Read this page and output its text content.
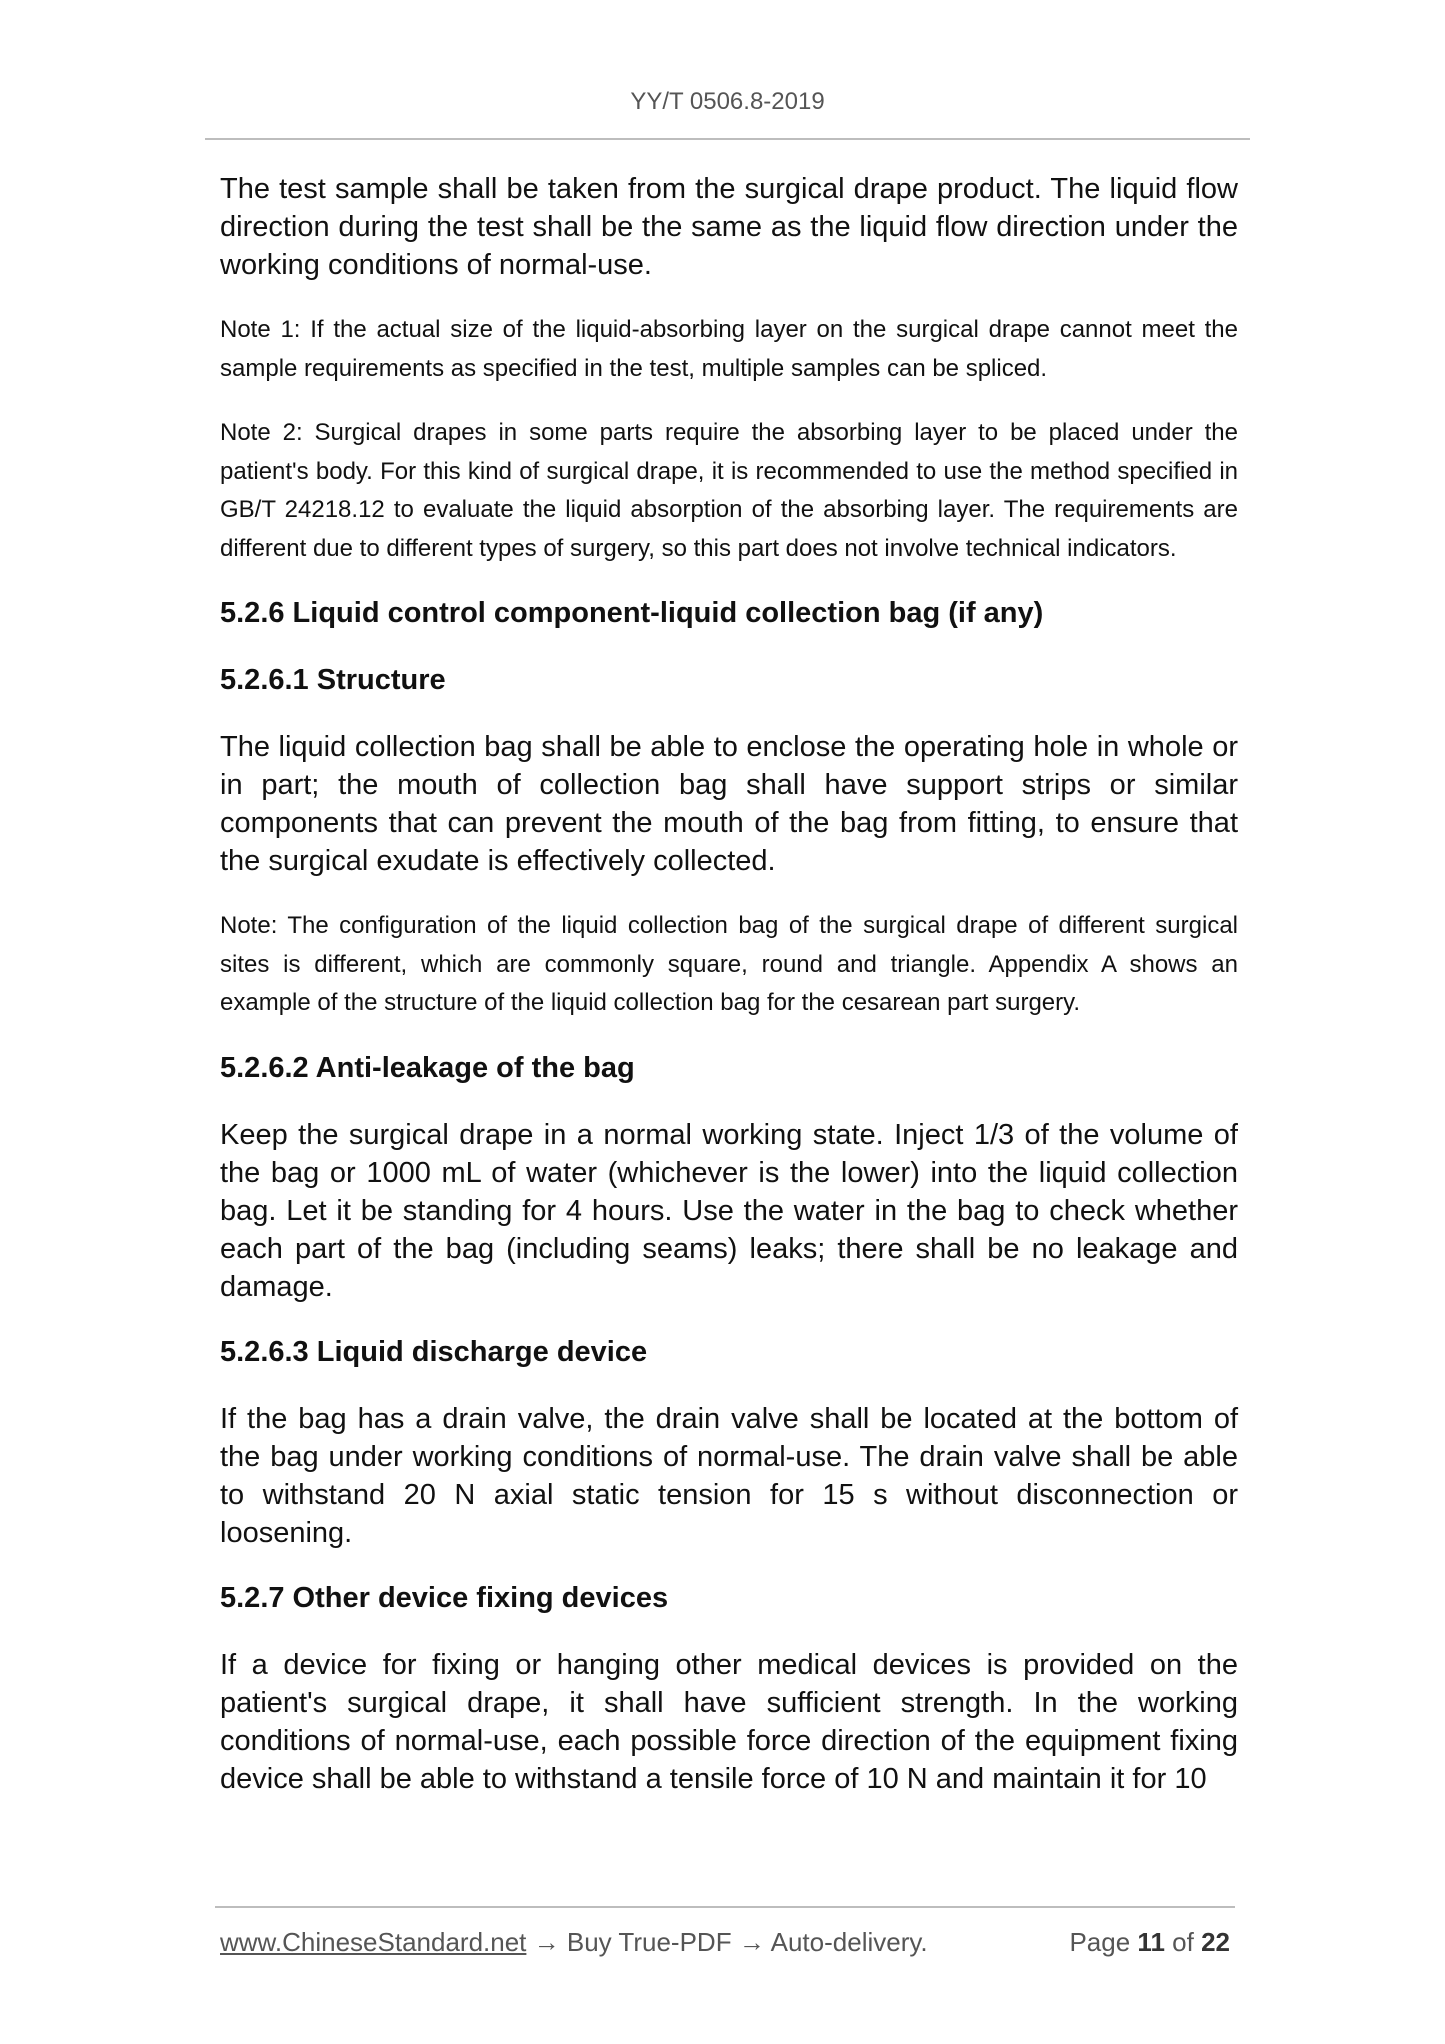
YY/T 0506.8-2019

The test sample shall be taken from the surgical drape product. The liquid flow direction during the test shall be the same as the liquid flow direction under the working conditions of normal-use.

Note 1: If the actual size of the liquid-absorbing layer on the surgical drape cannot meet the sample requirements as specified in the test, multiple samples can be spliced.

Note 2: Surgical drapes in some parts require the absorbing layer to be placed under the patient's body. For this kind of surgical drape, it is recommended to use the method specified in GB/T 24218.12 to evaluate the liquid absorption of the absorbing layer. The requirements are different due to different types of surgery, so this part does not involve technical indicators.

5.2.6 Liquid control component-liquid collection bag (if any)
5.2.6.1 Structure

The liquid collection bag shall be able to enclose the operating hole in whole or in part; the mouth of collection bag shall have support strips or similar components that can prevent the mouth of the bag from fitting, to ensure that the surgical exudate is effectively collected.

Note: The configuration of the liquid collection bag of the surgical drape of different surgical sites is different, which are commonly square, round and triangle. Appendix A shows an example of the structure of the liquid collection bag for the cesarean part surgery.

5.2.6.2 Anti-leakage of the bag

Keep the surgical drape in a normal working state. Inject 1/3 of the volume of the bag or 1000 mL of water (whichever is the lower) into the liquid collection bag. Let it be standing for 4 hours. Use the water in the bag to check whether each part of the bag (including seams) leaks; there shall be no leakage and damage.

5.2.6.3 Liquid discharge device

If the bag has a drain valve, the drain valve shall be located at the bottom of the bag under working conditions of normal-use. The drain valve shall be able to withstand 20 N axial static tension for 15 s without disconnection or loosening.

5.2.7 Other device fixing devices

If a device for fixing or hanging other medical devices is provided on the patient's surgical drape, it shall have sufficient strength. In the working conditions of normal-use, each possible force direction of the equipment fixing device shall be able to withstand a tensile force of 10 N and maintain it for 10

www.ChineseStandard.net → Buy True-PDF → Auto-delivery.	Page 11 of 22
